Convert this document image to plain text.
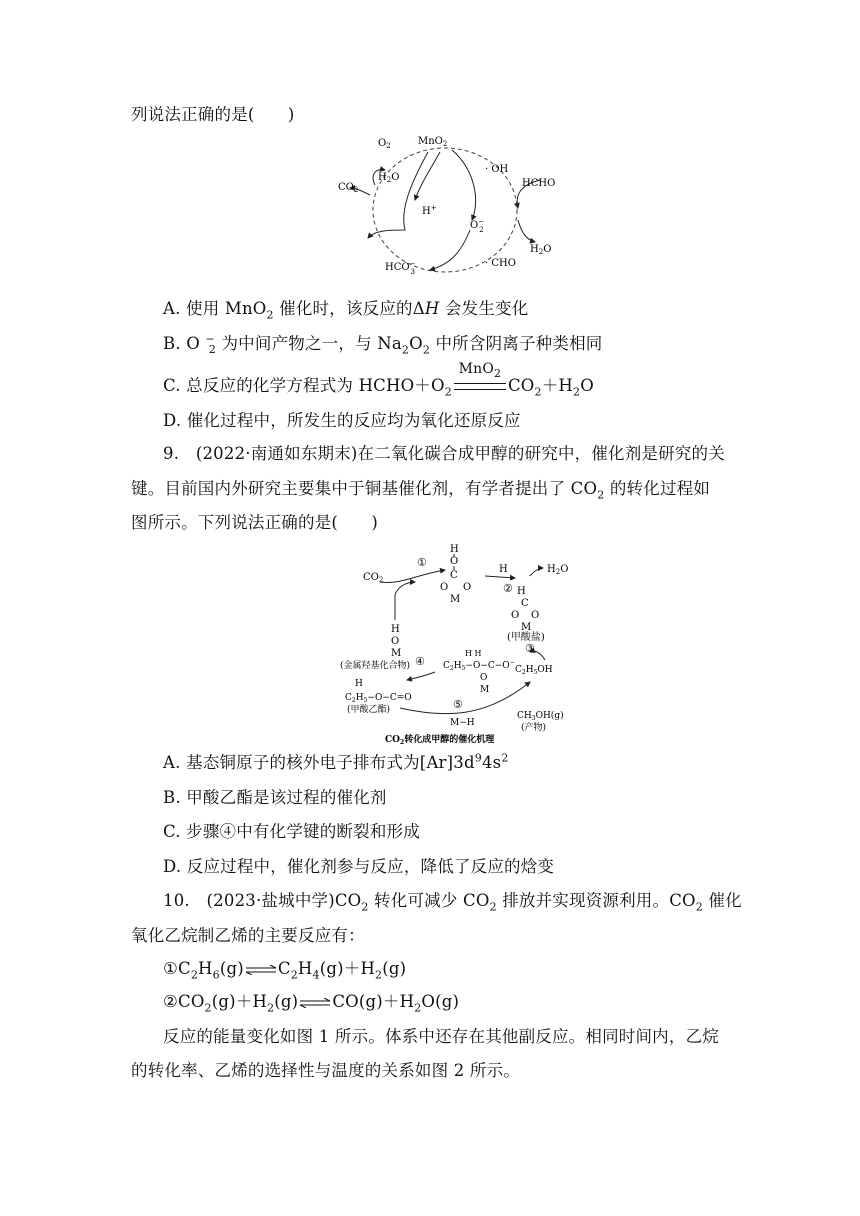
列说法正确的是(　　)
$O_2$	MnO$_2$
· OH
HCHO
$CO_2$
$H_2O$
H+
O− 2
$H_2O$
HCO− 3
· CHO
A. 使用 MnO$_2$ 催化时，该反应的ΔH 会发生变化
B. O −$_2$ 为中间产物之一，与 $Na_2O_2$ 中所含阴离子种类相同
C. 总反应的化学方程式为 $HCHO+O_2$
MnO$_2$
$CO_2+H_2O$
D. 催化过程中，所发生的反应均为氧化还原反应
9.　(2022·南通如东期末)在二氧化碳合成甲醇的研究中，催化剂是研究的关
键。目前国内外研究主要集中于铜基催化剂，有学者提出了 $CO_2$ 的转化过程如
图所示。下列说法正确的是(　　)
$CO_2$
①
H
O
C
O O
M
H	$H_2O$
② H
C
O O
M
(甲酸盐)
H
O
M
(金属羟基化合物)	$C_2H_5-O-C-O^-$
H H
O
M
③
$C_2H_5OH$
④
H
$C_2H_5-O-C=O$
(甲酸乙酯)	⑤
M−H
$CH_3OH(g)$
(产物)
$CO_2$转化成甲醇的催化机理
A. 基态铜原子的核外电子排布式为$[Ar]3d^94s^2$
B. 甲酸乙酯是该过程的催化剂
C. 步骤④中有化学键的断裂和形成
D. 反应过程中，催化剂参与反应，降低了反应的焓变
10.　(2023·盐城中学)$CO_2$ 转化可减少 $CO_2$ 排放并实现资源利用。$CO_2$ 催化
氧化乙烷制乙烯的主要反应有：
$①C_2H_6(g)\rightleftharpoons C_2H_4(g)+H_2(g)$
$②CO_2(g)+H_2(g)\rightleftharpoons CO(g)+H_2O(g)$
反应的能量变化如图 1 所示。体系中还存在其他副反应。相同时间内，乙烷
的转化率、乙烯的选择性与温度的关系如图 2 所示。
